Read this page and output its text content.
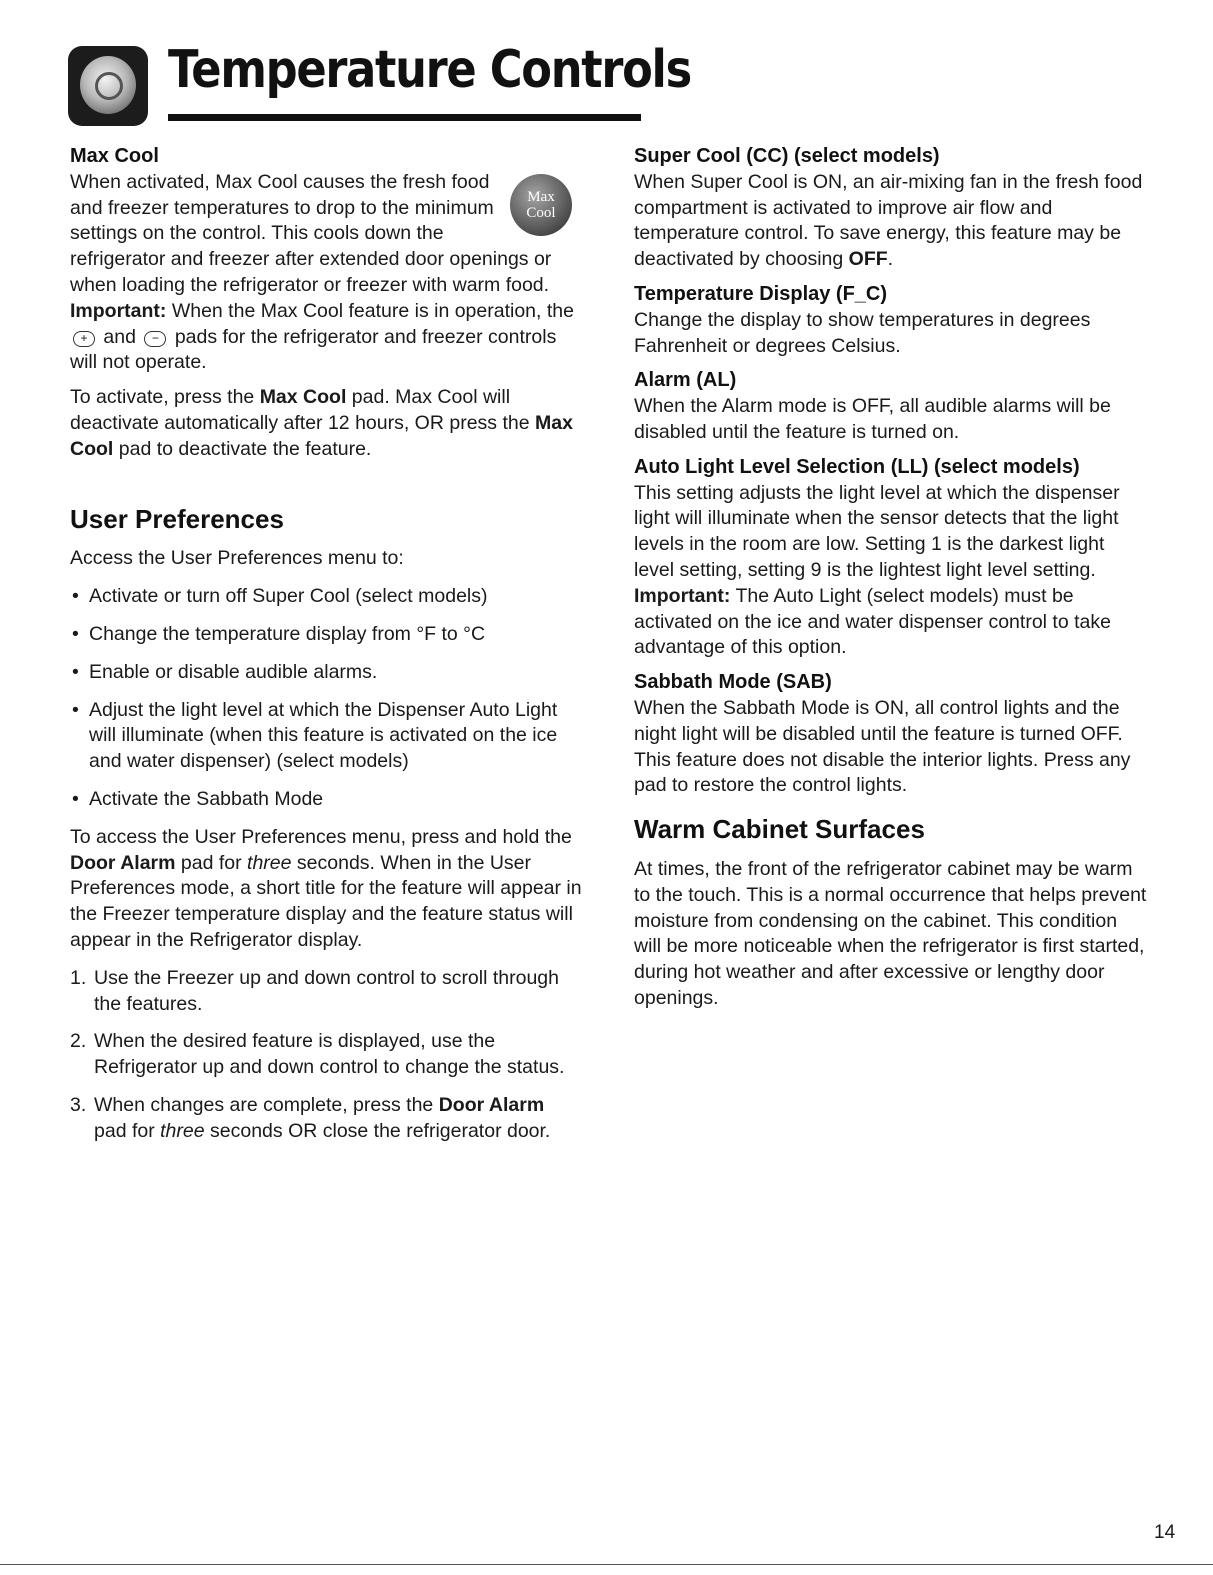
Temperature Controls

Max Cool

Max
Cool

When activated, Max Cool causes the fresh food and freezer temperatures to drop to the minimum settings on the control. This cools down the refrigerator and freezer after extended door openings or when loading the refrigerator or freezer with warm food. Important: When the Max Cool feature is in operation, the+ and − pads for the refrigerator and freezer controls will not operate.

To activate, press the Max Cool pad. Max Cool will deactivate automatically after 12 hours, OR press the Max Cool pad to deactivate the feature.

User Preferences

Access the User Preferences menu to:

• Activate or turn off Super Cool (select models)
• Change the temperature display from °F to °C
• Enable or disable audible alarms.
• Adjust the light level at which the Dispenser Auto Light will illuminate (when this feature is activated on the ice and water dispenser) (select models)
• Activate the Sabbath Mode

To access the User Preferences menu, press and hold the Door Alarm pad for three seconds. When in the User Preferences mode, a short title for the feature will appear in the Freezer temperature display and the feature status will appear in the Refrigerator display.

1. Use the Freezer up and down control to scroll through the features.
2. When the desired feature is displayed, use the Refrigerator up and down control to change the status.
3. When changes are complete, press the Door Alarm pad for three seconds OR close the refrigerator door.

Super Cool (CC) (select models)

When Super Cool is ON, an air-mixing fan in the fresh food compartment is activated to improve air flow and temperature control. To save energy, this feature may be deactivated by choosing OFF.

Temperature Display (F_C)

Change the display to show temperatures in degrees Fahrenheit or degrees Celsius.

Alarm (AL)

When the Alarm mode is OFF, all audible alarms will be disabled until the feature is turned on.

Auto Light Level Selection (LL) (select models)

This setting adjusts the light level at which the dispenser light will illuminate when the sensor detects that the light levels in the room are low. Setting 1 is the darkest light level setting, setting 9 is the lightest light level setting. Important: The Auto Light (select models) must be activated on the ice and water dispenser control to take advantage of this option.

Sabbath Mode (SAB)

When the Sabbath Mode is ON, all control lights and the night light will be disabled until the feature is turned OFF. This feature does not disable the interior lights. Press any pad to restore the control lights.

Warm Cabinet Surfaces

At times, the front of the refrigerator cabinet may be warm to the touch. This is a normal occurrence that helps prevent moisture from condensing on the cabinet. This condition will be more noticeable when the refrigerator is first started, during hot weather and after excessive or lengthy door openings.

14
